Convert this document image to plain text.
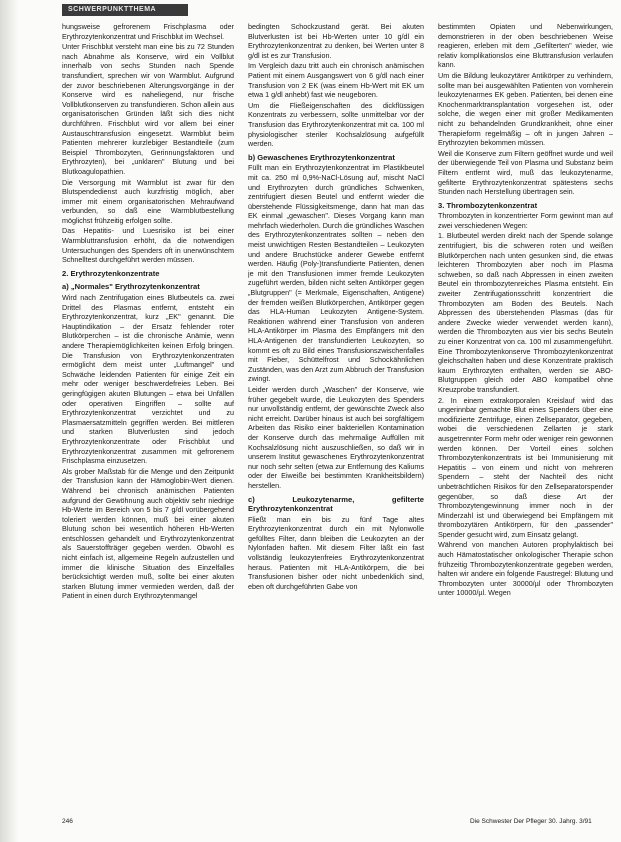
SCHWERPUNKTTHEMA

hungsweise gefrorenem Frischplasma oder Erythrozytenkonzentrat und Frischblut im Wechsel.

Unter Frischblut versteht man eine bis zu 72 Stunden nach Abnahme als Konserve, wird ein Vollblut innerhalb von sechs Stunden nach Spende transfundiert, sprechen wir von Warmblut. Aufgrund der zuvor beschriebenen Alterungsvorgänge in der Konserve wird es naheliegend, nur frische Vollblutkonserven zu transfundieren. Schon allein aus organisatorischen Gründen läßt sich dies nicht durchführen. Frischblut wird vor allem bei einer Austauschtransfusion eingesetzt. Warmblut beim Patienten mehrerer kurzlebiger Bestandteile (zum Beispiel Thrombozyten, Gerinnungsfaktoren und Erythrozyten), bei „unklaren" Blutung und bei Blutkoagulopathien.

Die Versorgung mit Warmblut ist zwar für den Blutspendedienst auch kurzfristig möglich, aber immer mit einem organisatorischen Mehraufwand verbunden, so daß eine Warmblutbestellung möglichst frühzeitig erfolgen sollte.

Das Hepatitis- und Luesrisiko ist bei einer Warmbluttransfusion erhöht, da die notwendigen Untersuchungen des Spenders oft in unerwünschtem Schnelltest durchgeführt werden müssen.

2. Erythrozytenkonzentrate
a) „Normales" Erythrozytenkonzentrat

Wird nach Zentrifugation eines Blutbeutels ca. zwei Drittel des Plasmas entfernt, entsteht ein Erythrozytenkonzentrat, kurz „EK" genannt. Die Hauptindikation – der Ersatz fehlender roter Blutkörperchen – ist die chronische Anämie, wenn andere Therapiemöglichkeiten keinen Erfolg bringen. Die Transfusion von Erythrozytenkonzentraten ermöglicht dem meist unter „Luftmangel" und Schwäche leidenden Patienten für einige Zeit ein mehr oder weniger beschwerdefreies Leben. Bei geringfügigen akuten Blutungen – etwa bei Unfällen oder operativen Eingriffen – sollte auf Erythrozytenkonzentrat verzichtet und zu Plasmaersatzmitteln gegriffen werden. Bei mittleren und starken Blutverlusten sind jedoch Erythrozytenkonzentrate oder Frischblut und Erythrozytenkonzentrat zusammen mit gefrorenem Frischplasma einzusetzen.

Als grober Maßstab für die Menge und den Zeitpunkt der Transfusion kann der Hämoglobin-Wert dienen. Während bei chronisch anämischen Patienten aufgrund der Gewöhnung auch objektiv sehr niedrige Hb-Werte im Bereich von 5 bis 7 g/dl vorübergehend toleriert werden können, muß bei einer akuten Blutung schon bei wesentlich höheren Hb-Werten entschlossen gehandelt und Erythrozytenkonzentrat als Sauerstoffträger gegeben werden. Obwohl es nicht einfach ist, allgemeine Regeln aufzustellen und immer die klinische Situation des Einzelfalles berücksichtigt werden muß, sollte bei einer akuten starken Blutung immer vermieden werden, daß der Patient in einen durch Erythrozytenmangel

bedingten Schockzustand gerät. Bei akuten Blutverlusten ist bei Hb-Werten unter 10 g/dl ein Erythrozytenkonzentrat zu denken, bei Werten unter 8 g/dl ist es zur Transfusion.

Im Vergleich dazu tritt auch ein chronisch anämischen Patient mit einem Ausgangswert von 6 g/dl nach einer Transfusion von 2 EK (was einem Hb-Wert mit EK um etwa 1 g/dl anhebt) fast wie neugeboren.

Um die Fließeigenschaften des dickflüssigen Konzentrats zu verbessern, sollte unmittelbar vor der Transfusion das Erythrozytenkonzentrat mit ca. 100 ml physiologischer steriler Kochsalzlösung aufgefüllt werden.

b) Gewaschenes Erythrozytenkonzentrat

Füllt man ein Erythrozytenkonzentrat im Plastikbeutel mit ca. 250 ml 0,9%-NaCl-Lösung auf, mischt NaCl und Erythrozyten durch gründliches Schwenken, zentrifugiert diesen Beutel und entfernt wieder die überstehende Flüssigkeitsmenge, dann hat man das EK einmal „gewaschen". Dieses Vorgang kann man mehrfach wiederholen. Durch die gründliches Waschen des Erythrozytenkonzentrates sollten – neben den meist unwichtigen Resten Bestandteilen – Leukozyten und andere Bruchstücke anderer Gewebe entfernt werden. Häufig (Poly-)transfundierte Patienten, denen je mit den Transfusionen immer fremde Leukozyten zugeführt werden, bilden nicht selten Antikörper gegen „Blutgruppen" (= Merkmale, Eigenschaften, Antigene) der fremden weißen Blutkörperchen, Antikörper gegen das HLA-Human Leukozyten Antigene-System. Reaktionen während einer Transfusion von anderen HLA-Antikörper im Plasma des Empfängers mit den HLA-Antigenen der transfundierten Leukozyten, so kommt es oft zu Bild eines Transfusionszwischenfalles mit Fieber, Schüttelfrost und Schockähnlichen Zuständen, was den Arzt zum Abbruch der Transfusion zwingt.

Leider werden durch „Waschen" der Konserve, wie früher gegebelt wurde, die Leukozyten des Spenders nur unvollständig entfernt, der gewünschte Zweck also nicht erreicht. Darüber hinaus ist auch bei sorgfältigem Arbeiten das Risiko einer bakteriellen Kontamination der Konserve durch das mehrmalige Auffüllen mit Kochsalzlösung nicht auszuschließen, so daß wir in unserem Institut gewaschenes Erythrozytenkonzentrat nur noch sehr selten (etwa zur Entfernung des Kaliums oder der Eiweiße bei bestimmten Krankheitsbildern) herstellen.

c) Leukozytenarme, gefilterte Erythrozytenkonzentrat

Fließt man ein bis zu fünf Tage altes Erythrozytenkonzentrat durch ein mit Nylonwolle gefülltes Filter, dann bleiben die Leukozyten an der Nylonfaden haften. Mit diesem Filter läßt ein fast vollständig leukozytenfreies Erythrozytenkonzentrat heraus. Patienten mit HLA-Antikörpern, die bei Transfusionen bisher oder nicht unbedenklich sind, eben oft durchgeführten Gabe von

bestimmten Opiaten und Nebenwirkungen, demonstrieren in der oben beschriebenen Weise reagieren, erleben mit dem „Gefilterten" wieder, wie relativ komplikationslos eine Bluttransfusion verlaufen kann.

Um die Bildung leukozytärer Antikörper zu verhindern, sollte man bei ausgewählten Patienten von vornherein leukozytenarmes EK geben. Patienten, bei denen eine Knochenmarktransplantation vorgesehen ist, oder solche, die wegen einer mit großer Medikamenten nicht zu behandelnden Grundkrankheit, ohne einer Therapieform regelmäßig – oft in jungen Jahren – Erythrozyten bekommen müssen.

Weil die Konserve zum Filtern geöffnet wurde und weil der überwiegende Teil von Plasma und Substanz beim Filtern entfernt wird, muß das leukozytenarme, gefilterte Erythrozytenkonzentrat spätestens sechs Stunden nach Herstellung übertragen sein.

3. Thrombozytenkonzentrat

Thrombozyten in konzentrierter Form gewinnt man auf zwei verschiedenen Wegen:

1. Blutbeutel werden direkt nach der Spende solange zentrifugiert, bis die schweren roten und weißen Blutkörperchen nach unten gesunken sind, die etwas leichteren Thrombozyten aber noch im Plasma schweben, so daß nach Abpressen in einen zweiten Beutel ein thrombozytenreiches Plasma entsteht. Ein zweiter Zentrifugationsschritt konzentriert die Thrombozyten am Boden des Beutels. Nach Abpressen des überstehenden Plasmas (das für andere Zwecke wieder verwendet werden kann), werden die Thrombozyten aus vier bis sechs Beuteln zu einer Konzentrat von ca. 100 ml zusammengeführt. Eine Thrombozytenkonserve Thrombozytenkonzentrat gleichschalten haben und diese Konzentrate praktisch kaum Erythrozyten enthalten, werden sie ABO-Blutgruppen gleich oder ABO kompatibel ohne Kreuzprobe transfundiert.

2. In einem extrakorporalen Kreislauf wird das ungerinnbar gemachte Blut eines Spenders über eine modifizierte Zentrifuge, einen Zellseparator, gegeben, wobei die verschiedenen Zellarten je stark ausgetrennter Form mehr oder weniger rein gewonnen werden können. Der Vorteil eines solchen Thrombozytenkonzentrats ist bei Immunisierung mit Hepatitis – von einem und nicht von mehreren Spendern – steht der Nachteil des nicht unbeträchtlichen Risikos für den Zellseparatorspender gegenüber, so daß diese Art der Thrombozytengewinnung immer noch in der Minderzahl ist und überwiegend bei Empfängern mit thrombozytären Antikörpern, für den „passender" Spender gesucht wird, zum Einsatz gelangt.

Während von manchen Autoren prophylaktisch bei auch Hämatostatischer onkologischer Therapie schon frühzeitig Thrombozytenkonzentrate gegeben werden, halten wir andere ein folgende Faustregel: Blutung und Thrombozyten unter 30000/µl oder Thrombozyten unter 10000/µl. Wegen

246	Die Schwester Der Pfleger 30. Jahrg. 3/91
